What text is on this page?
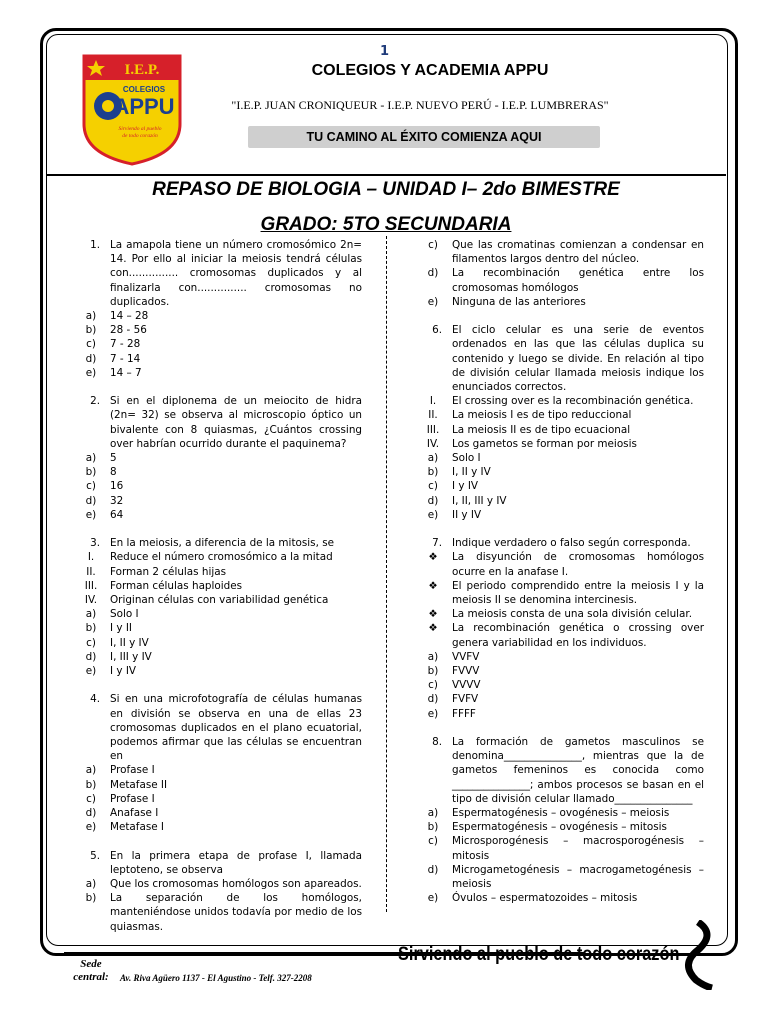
1
I.E.P.
COLEGIOS
APPU
Sirviendo al pueblo
de todo corazón
COLEGIOS Y ACADEMIA APPU
"I.E.P. JUAN CRONIQUEUR - I.E.P. NUEVO PERÚ - I.E.P. LUMBRERAS"
TU CAMINO AL ÉXITO COMIENZA AQUI
REPASO DE BIOLOGIA – UNIDAD I– 2do BIMESTRE
GRADO: 5TO SECUNDARIA
1. La amapola tiene un número cromosómico 2n= 14. Por ello al iniciar la meiosis tendrá células con............... cromosomas duplicados y al finalizarla con............... cromosomas no duplicados.
a)	14 – 28
b)	28 - 56
c)	7 - 28
d)	7 - 14
e)	14 – 7
2. Si en el diplonema de un meiocito de hidra (2n= 32) se observa al microscopio óptico un bivalente con 8 quiasmas, ¿Cuántos crossing over habrían ocurrido durante el paquinema?
a)	5
b)	8
c)	16
d)	32
e)	64
3. En la meiosis, a diferencia de la mitosis, se
I.	Reduce el número cromosómico a la mitad
II.	Forman 2 células hijas
III.	Forman células haploides
IV.	Originan células con variabilidad genética
a)	Solo I
b)	I y II
c)	I, II y IV
d)	I, III y IV
e)	I y IV
4. Si en una microfotografía de células humanas en división se observa en una de ellas 23 cromosomas duplicados en el plano ecuatorial, podemos afirmar que las células se encuentran en
a)	Profase I
b)	Metafase II
c)	Profase I
d)	Anafase I
e)	Metafase I
5. En la primera etapa de profase I, llamada leptoteno, se observa
a)	Que los cromosomas homólogos son apareados.
b)	La separación de los homólogos, manteniéndose unidos todavía por medio de los quiasmas.
c)	Que las cromatinas comienzan a condensar en filamentos largos dentro del núcleo.
d)	La recombinación genética entre los cromosomas homólogos
e)	Ninguna de las anteriores
6. El ciclo celular es una serie de eventos ordenados en las que las células duplica su contenido y luego se divide. En relación al tipo de división celular llamada meiosis indique los enunciados correctos.
I.	El crossing over es la recombinación genética.
II.	La meiosis I es de tipo reduccional
III.	La meiosis II es de tipo ecuacional
IV.	Los gametos se forman por meiosis
a)	Solo I
b)	I, II y IV
c)	I y IV
d)	I, II, III y IV
e)	II y IV
7. Indique verdadero o falso según corresponda.
❖	La disyunción de cromosomas homólogos ocurre en la anafase I.
❖	El periodo comprendido entre la meiosis I y la meiosis II se denomina intercinesis.
❖	La meiosis consta de una sola división celular.
❖	La recombinación genética o crossing over genera variabilidad en los individuos.
a)	VVFV
b)	FVVV
c)	VVVV
d)	FVFV
e)	FFFF
8. La formación de gametos masculinos se denomina_______________, mientras que la de gametos femeninos es conocida como _______________; ambos procesos se basan en el tipo de división celular llamado_______________
a)	Espermatogénesis – ovogénesis – meiosis
b)	Espermatogénesis – ovogénesis – mitosis
c)	Microsporogénesis – macrosporogénesis – mitosis
d)	Microgametogénesis – macrogametogénesis – meiosis
e)	Óvulos – espermatozoides – mitosis
Sede central:	Av. Riva Agüero 1137 - El Agustino - Telf. 327-2208
Sirviendo al pueblo de todo corazón
